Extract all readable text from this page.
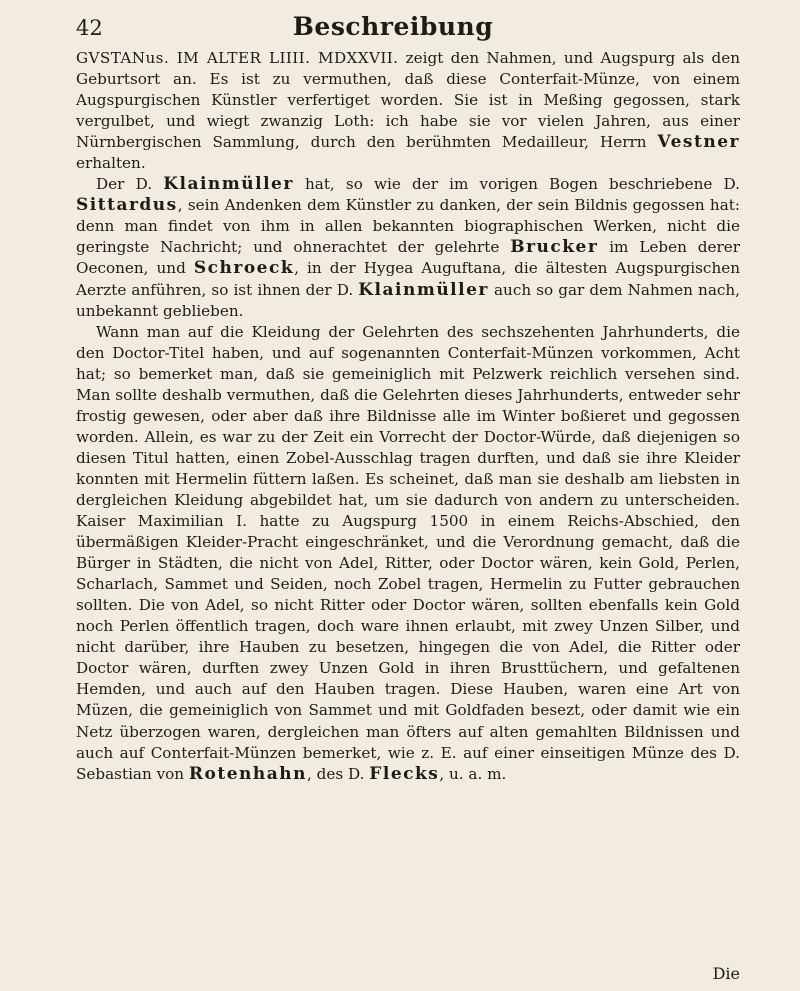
42	Beschreibung

GVSTANus. IM ALTER LIIII. MDXXVII. zeigt den Nahmen, und Augspurg als den Geburtsort an. Es ist zu vermuthen, daß diese Conterfait-Münze, von einem Augspurgischen Künstler verfertiget worden. Sie ist in Meßing gegossen, stark vergulbet, und wiegt zwanzig Loth: ich habe sie vor vielen Jahren, aus einer Nürnbergischen Sammlung, durch den berühmten Medailleur, Herrn Vestner erhalten.

Der D. Klainmüller hat, so wie der im vorigen Bogen beschriebene D. Sittardus, sein Andenken dem Künstler zu danken, der sein Bildnis gegossen hat: denn man findet von ihm in allen bekannten biographischen Werken, nicht die geringste Nachricht; und ohnerachtet der gelehrte Brucker im Leben derer Oeconen, und Schroeck, in der Hygea Auguftana, die ältesten Augspurgischen Aerzte anführen, so ist ihnen der D. Klainmüller auch so gar dem Nahmen nach, unbekannt geblieben.

Wann man auf die Kleidung der Gelehrten des sechszehenten Jahrhunderts, die den Doctor-Titel haben, und auf sogenannten Conterfait-Münzen vorkommen, Acht hat; so bemerket man, daß sie gemeiniglich mit Pelzwerk reichlich versehen sind. Man sollte deshalb vermuthen, daß die Gelehrten dieses Jahrhunderts, entweder sehr frostig gewesen, oder aber daß ihre Bildnisse alle im Winter boßieret und gegossen worden. Allein, es war zu der Zeit ein Vorrecht der Doctor-Würde, daß diejenigen so diesen Titul hatten, einen Zobel-Ausschlag tragen durften, und daß sie ihre Kleider konnten mit Hermelin füttern laßen. Es scheinet, daß man sie deshalb am liebsten in dergleichen Kleidung abgebildet hat, um sie dadurch von andern zu unterscheiden. Kaiser Maximilian I. hatte zu Augspurg 1500 in einem Reichs-Abschied, den übermäßigen Kleider-Pracht eingeschränket, und die Verordnung gemacht, daß die Bürger in Städten, die nicht von Adel, Ritter, oder Doctor wären, kein Gold, Perlen, Scharlach, Sammet und Seiden, noch Zobel tragen, Hermelin zu Futter gebrauchen sollten. Die von Adel, so nicht Ritter oder Doctor wären, sollten ebenfalls kein Gold noch Perlen öffentlich tragen, doch ware ihnen erlaubt, mit zwey Unzen Silber, und nicht darüber, ihre Hauben zu besetzen, hingegen die von Adel, die Ritter oder Doctor wären, durften zwey Unzen Gold in ihren Brusttüchern, und gefaltenen Hemden, und auch auf den Hauben tragen. Diese Hauben, waren eine Art von Müzen, die gemeiniglich von Sammet und mit Goldfaden besezt, oder damit wie ein Netz überzogen waren, dergleichen man öfters auf alten gemahlten Bildnissen und auch auf Conterfait-Münzen bemerket, wie z. E. auf einer einseitigen Münze des D. Sebastian von Rotenhahn, des D. Flecks, u. a. m.

Die
